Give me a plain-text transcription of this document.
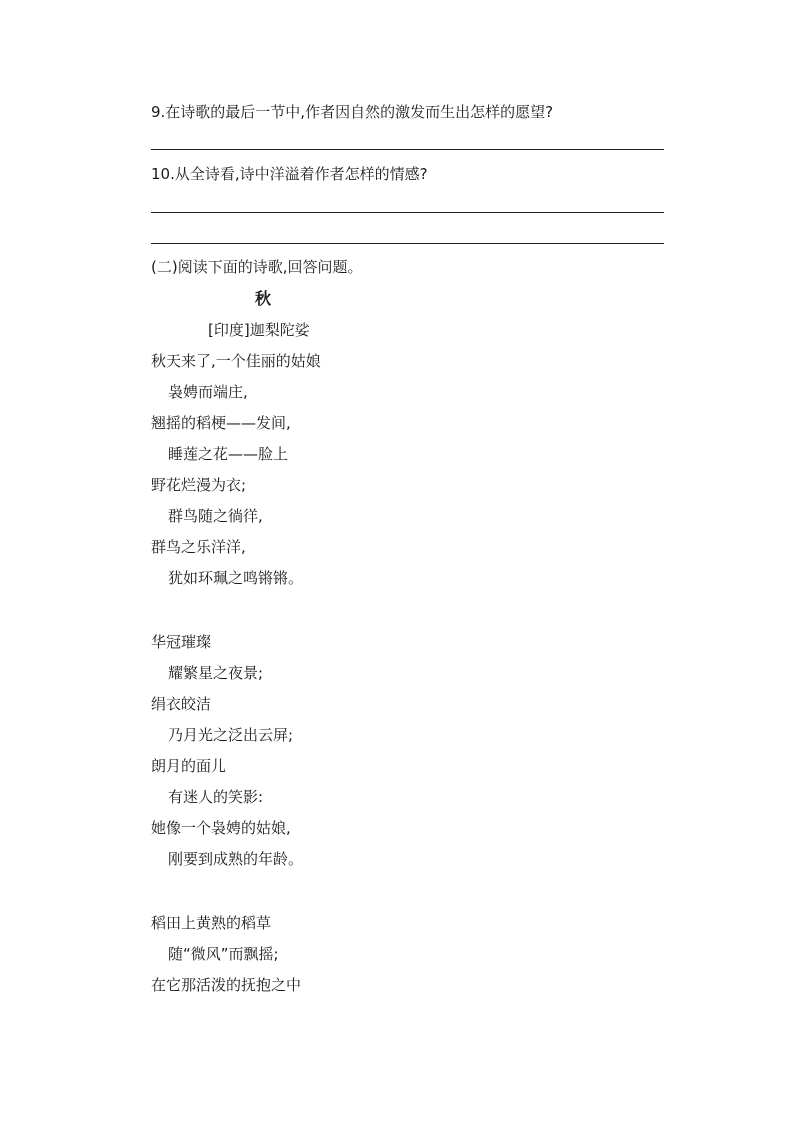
9.在诗歌的最后一节中,作者因自然的激发而生出怎样的愿望?
10.从全诗看,诗中洋溢着作者怎样的情感?
(二)阅读下面的诗歌,回答问题。
秋
[印度]迦梨陀娑
秋天来了,一个佳丽的姑娘
袅娉而端庄,
翘摇的稻梗——发间,
睡莲之花——脸上
野花烂漫为衣;
群鸟随之徜徉,
群鸟之乐洋洋,
犹如环珮之鸣锵锵。
华冠璀璨
耀繁星之夜景;
绢衣皎洁
乃月光之泛出云屏;
朗月的面儿
有迷人的笑影:
她像一个袅娉的姑娘,
刚要到成熟的年龄。
稻田上黄熟的稻草
随“微风”而飘摇;
在它那活泼的抚抱之中
